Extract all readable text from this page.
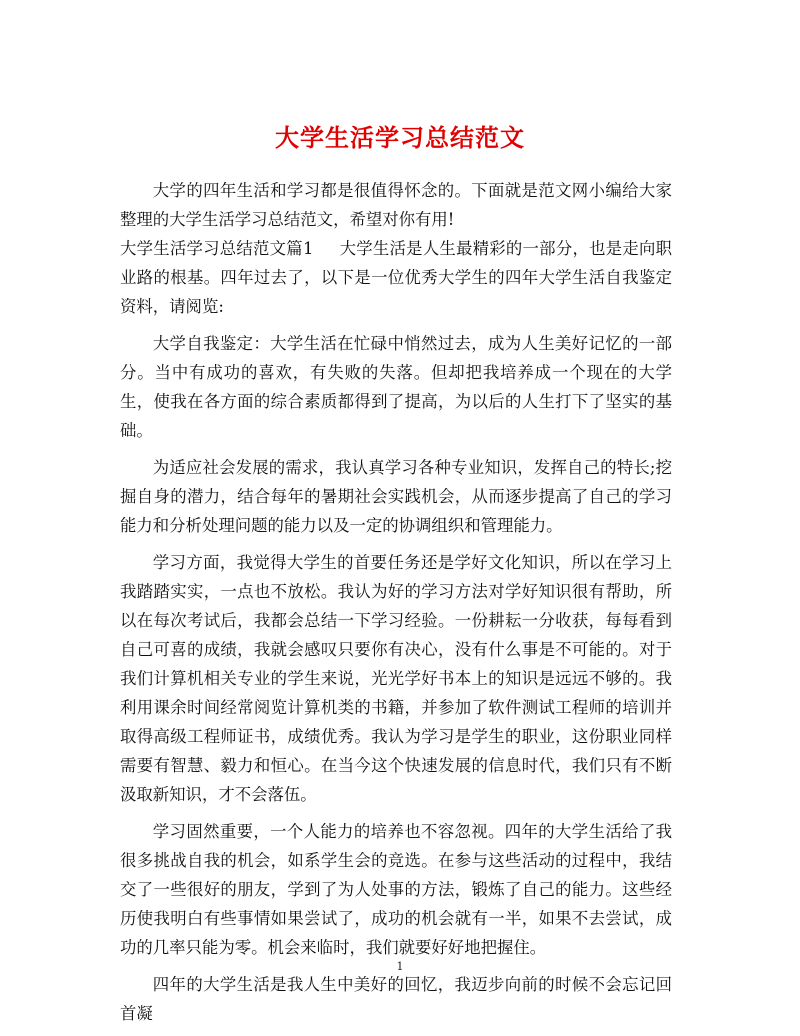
大学生活学习总结范文

大学的四年生活和学习都是很值得怀念的。下面就是范文网小编给大家整理的大学生活学习总结范文，希望对你有用!

大学生活学习总结范文篇1 大学生活是人生最精彩的一部分，也是走向职业路的根基。四年过去了，以下是一位优秀大学生的四年大学生活自我鉴定资料，请阅览:

大学自我鉴定：大学生活在忙碌中悄然过去，成为人生美好记忆的一部分。当中有成功的喜欢，有失败的失落。但却把我培养成一个现在的大学生，使我在各方面的综合素质都得到了提高，为以后的人生打下了坚实的基础。

为适应社会发展的需求，我认真学习各种专业知识，发挥自己的特长;挖掘自身的潜力，结合每年的暑期社会实践机会，从而逐步提高了自己的学习能力和分析处理问题的能力以及一定的协调组织和管理能力。

学习方面，我觉得大学生的首要任务还是学好文化知识，所以在学习上我踏踏实实，一点也不放松。我认为好的学习方法对学好知识很有帮助，所以在每次考试后，我都会总结一下学习经验。一份耕耘一分收获，每每看到自己可喜的成绩，我就会感叹只要你有决心，没有什么事是不可能的。对于我们计算机相关专业的学生来说，光光学好书本上的知识是远远不够的。我利用课余时间经常阅览计算机类的书籍，并参加了软件测试工程师的培训并取得高级工程师证书，成绩优秀。我认为学习是学生的职业，这份职业同样需要有智慧、毅力和恒心。在当今这个快速发展的信息时代，我们只有不断汲取新知识，才不会落伍。

学习固然重要，一个人能力的培养也不容忽视。四年的大学生活给了我很多挑战自我的机会，如系学生会的竞选。在参与这些活动的过程中，我结交了一些很好的朋友，学到了为人处事的方法，锻炼了自己的能力。这些经历使我明白有些事情如果尝试了，成功的机会就有一半，如果不去尝试，成功的几率只能为零。机会来临时，我们就要好好地把握住。

四年的大学生活是我人生中美好的回忆，我迈步向前的时候不会忘记回首凝

1
